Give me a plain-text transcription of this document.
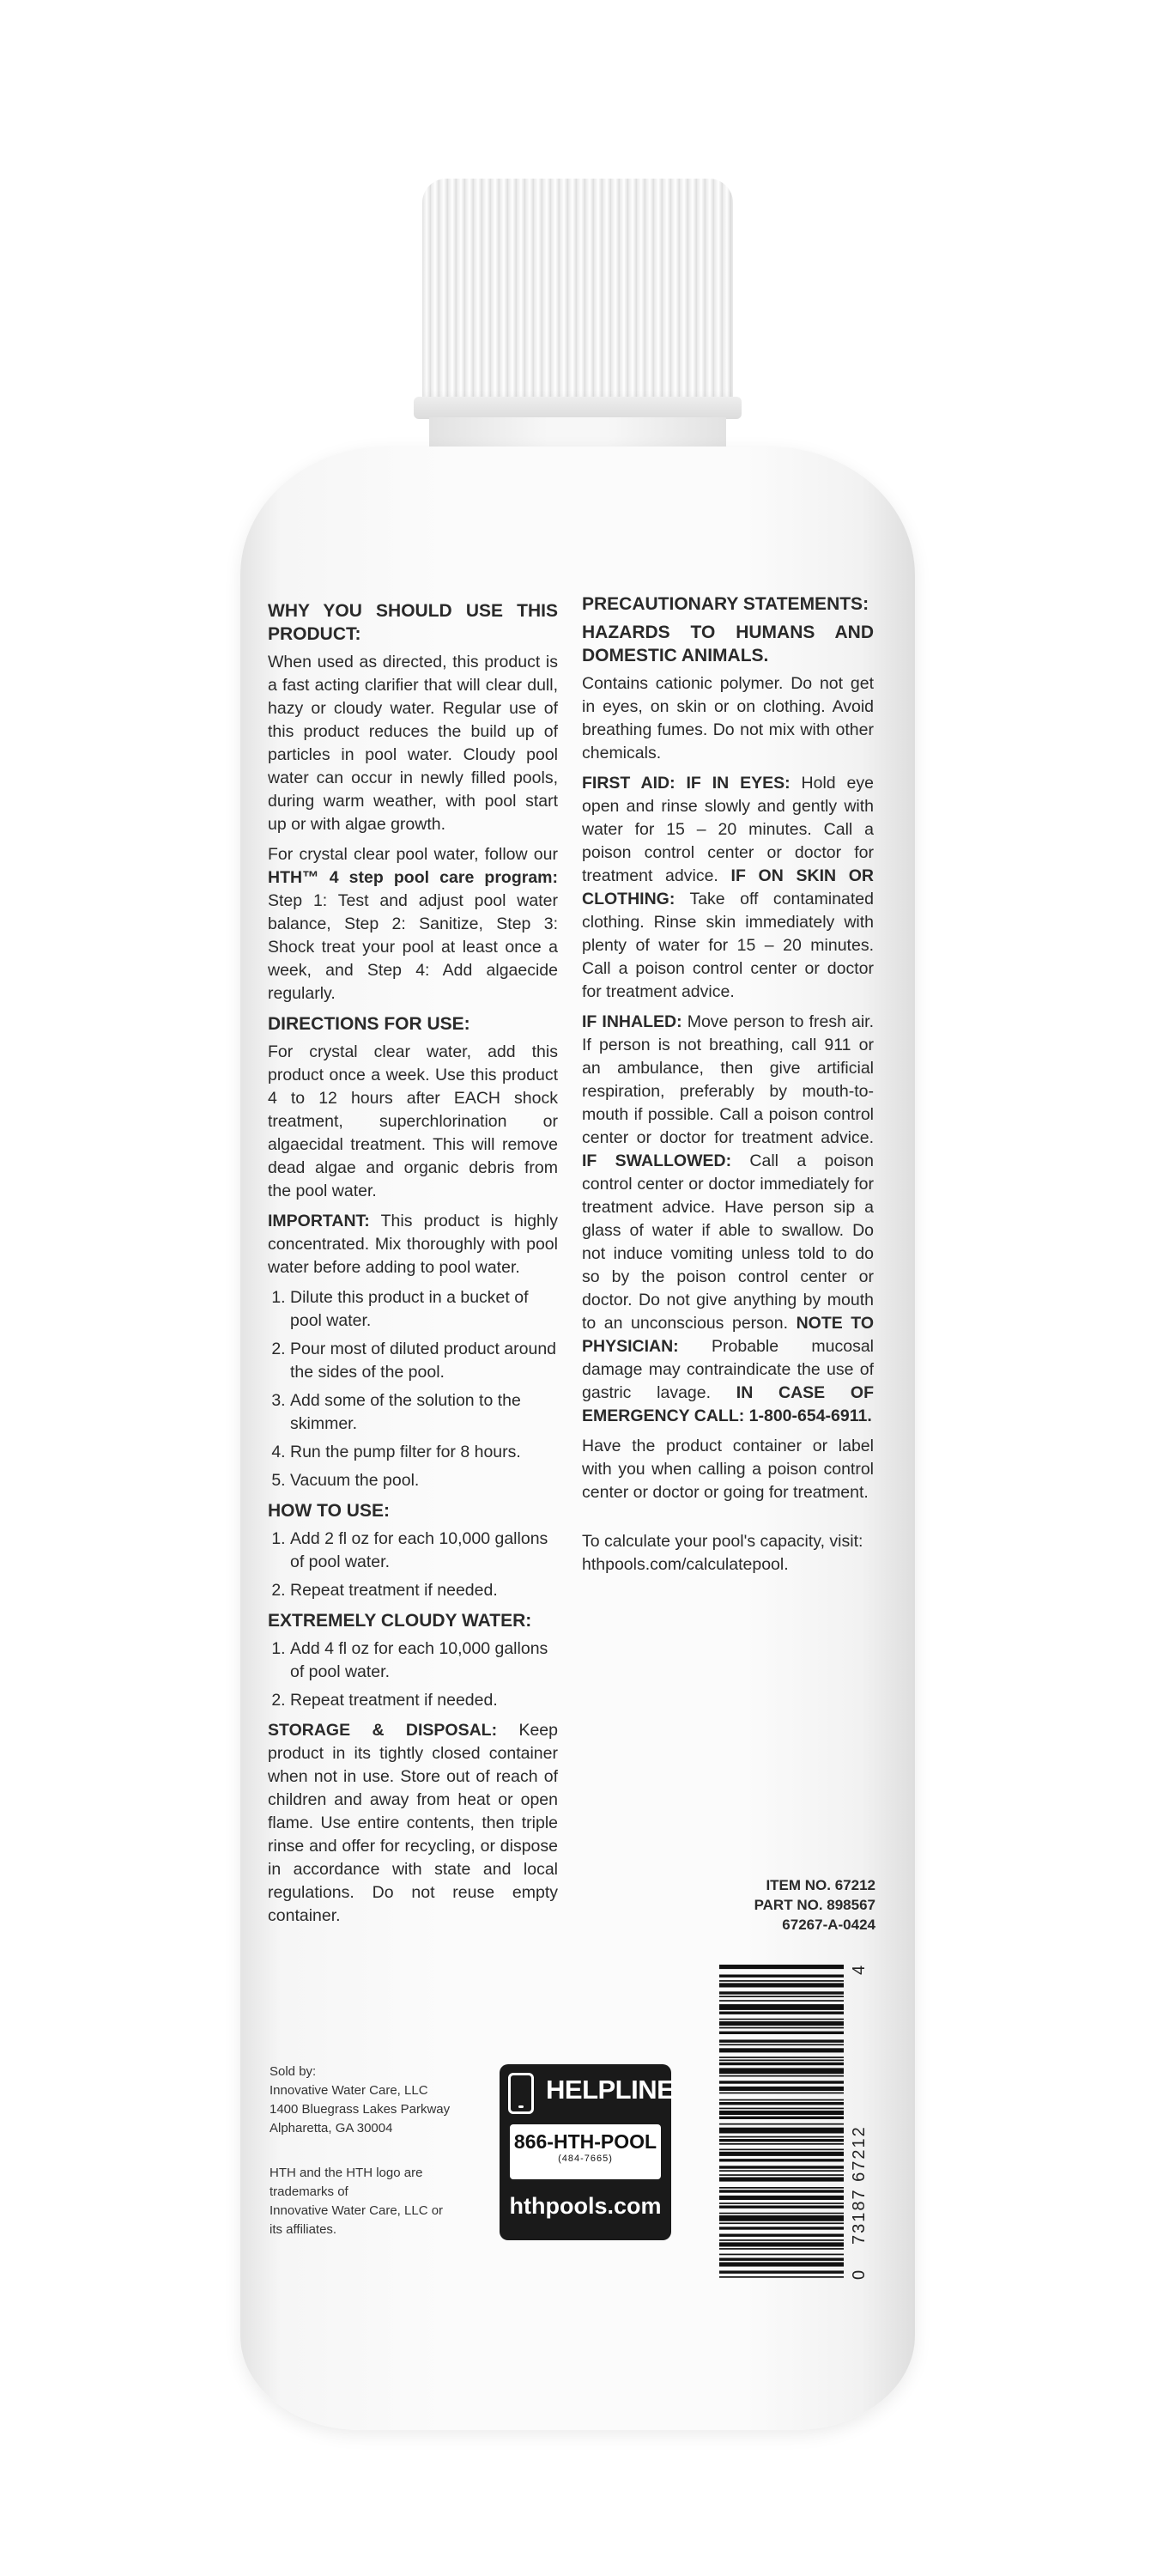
WHY YOU SHOULD USE THIS PRODUCT:

When used as directed, this product is a fast acting clarifier that will clear dull, hazy or cloudy water. Regular use of this product reduces the build up of particles in pool water. Cloudy pool water can occur in newly filled pools, during warm weather, with pool start up or with algae growth.

For crystal clear pool water, follow our HTH™ 4 step pool care program: Step 1: Test and adjust pool water balance, Step 2: Sanitize, Step 3: Shock treat your pool at least once a week, and Step 4: Add algaecide regularly.

DIRECTIONS FOR USE:

For crystal clear water, add this product once a week. Use this product 4 to 12 hours after EACH shock treatment, superchlorination or algaecidal treatment. This will remove dead algae and organic debris from the pool water.

IMPORTANT: This product is highly concentrated. Mix thoroughly with pool water before adding to pool water.

1. Dilute this product in a bucket of pool water.
2. Pour most of diluted product around the sides of the pool.
3. Add some of the solution to the skimmer.
4. Run the pump filter for 8 hours.
5. Vacuum the pool.
HOW TO USE:
1. Add 2 fl oz for each 10,000 gallons of pool water.
2. Repeat treatment if needed.
EXTREMELY CLOUDY WATER:
1. Add 4 fl oz for each 10,000 gallons of pool water.
2. Repeat treatment if needed.

STORAGE & DISPOSAL: Keep product in its tightly closed container when not in use. Store out of reach of children and away from heat or open flame. Use entire contents, then triple rinse and offer for recycling, or dispose in accordance with state and local regulations. Do not reuse empty container.

PRECAUTIONARY STATEMENTS:
HAZARDS TO HUMANS AND DOMESTIC ANIMALS.

Contains cationic polymer. Do not get in eyes, on skin or on clothing. Avoid breathing fumes. Do not mix with other chemicals.

FIRST AID: IF IN EYES: Hold eye open and rinse slowly and gently with water for 15 – 20 minutes. Call a poison control center or doctor for treatment advice. IF ON SKIN OR CLOTHING: Take off contaminated clothing. Rinse skin immediately with plenty of water for 15 – 20 minutes. Call a poison control center or doctor for treatment advice.

IF INHALED: Move person to fresh air. If person is not breathing, call 911 or an ambulance, then give artificial respiration, preferably by mouth-to-mouth if possible. Call a poison control center or doctor for treatment advice. IF SWALLOWED: Call a poison control center or doctor immediately for treatment advice. Have person sip a glass of water if able to swallow. Do not induce vomiting unless told to do so by the poison control center or doctor. Do not give anything by mouth to an unconscious person. NOTE TO PHYSICIAN: Probable mucosal damage may contraindicate the use of gastric lavage. IN CASE OF EMERGENCY CALL: 1-800-654-6911.

Have the product container or label with you when calling a poison control center or doctor or going for treatment.

To calculate your pool's capacity, visit:
hthpools.com/calculatepool.
ITEM NO. 67212
PART NO. 898567
67267-A-0424
0
73187 67212
4
Sold by:
Innovative Water Care, LLC
1400 Bluegrass Lakes Parkway
Alpharetta, GA 30004
HTH and the HTH logo are
trademarks of
Innovative Water Care, LLC or
its affiliates.
HELPLINE
866-HTH-POOL
(484-7665)
hthpools.com
